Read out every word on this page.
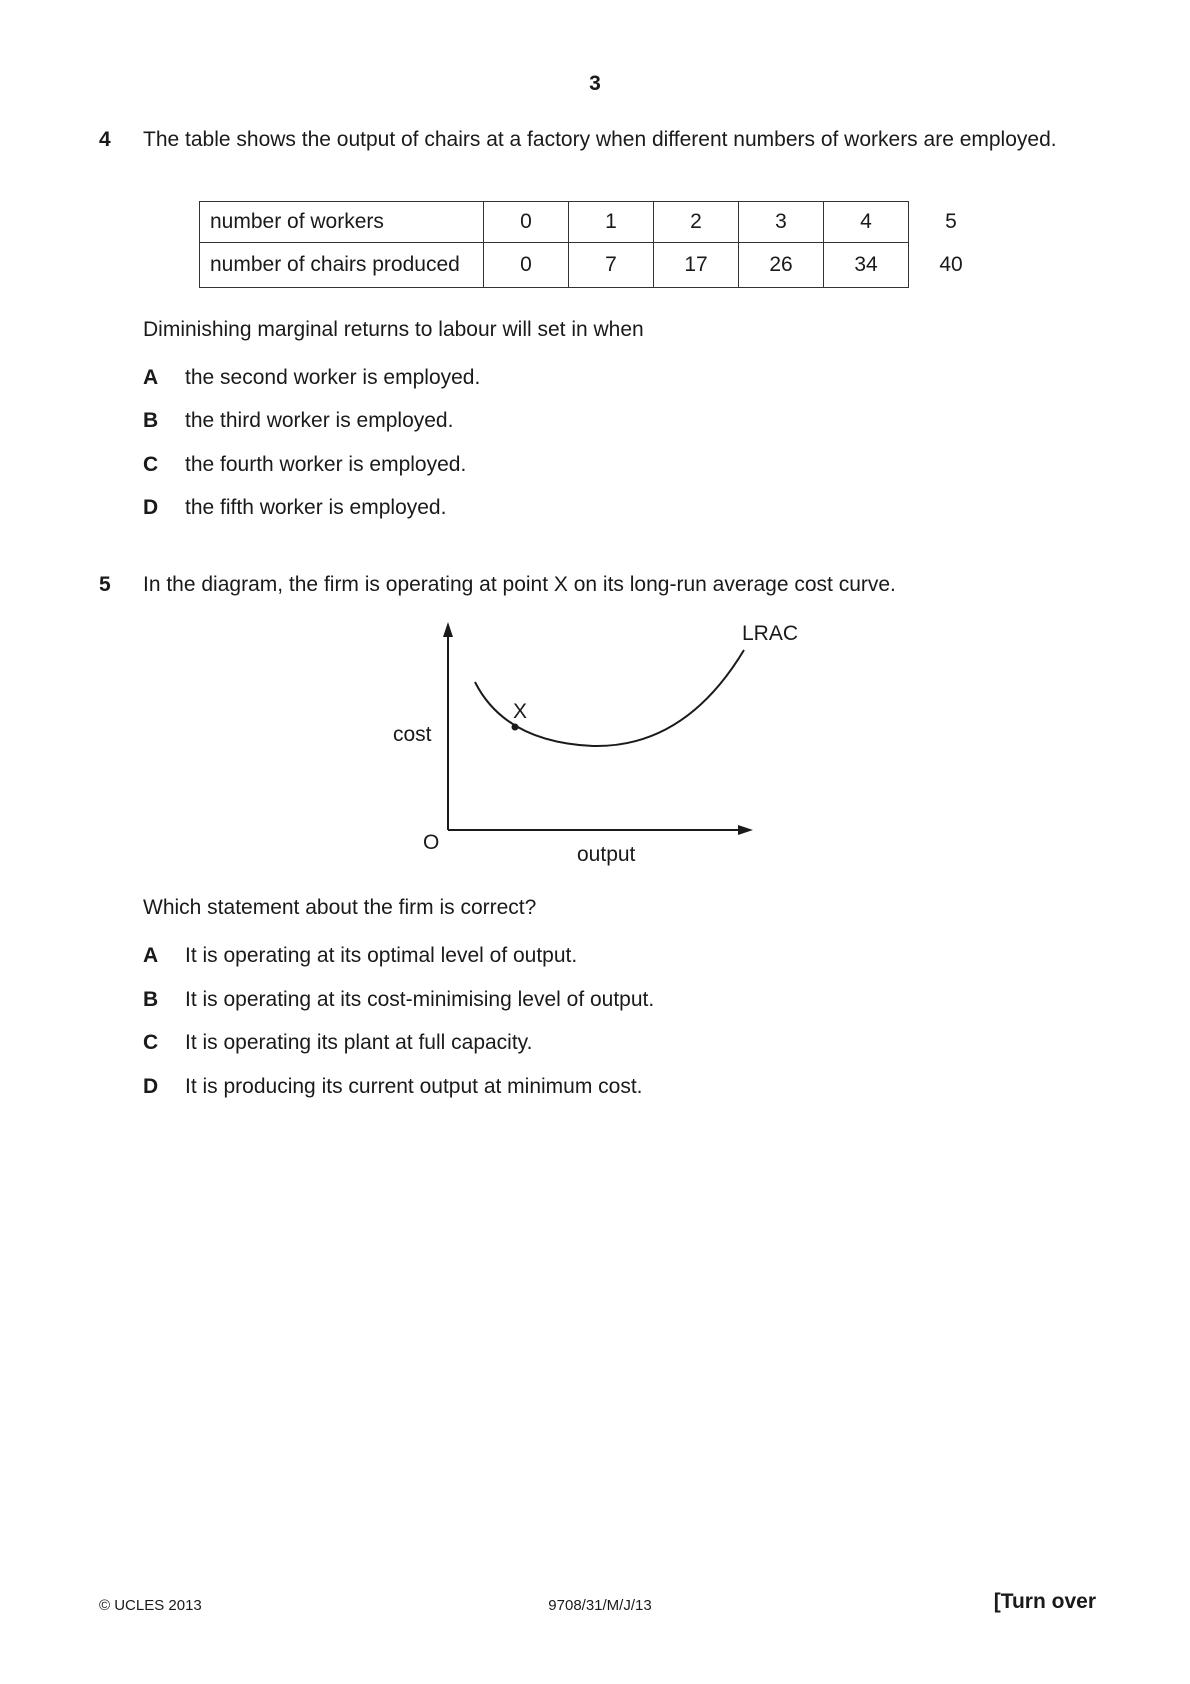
3
4 The table shows the output of chairs at a factory when different numbers of workers are employed.
number of workers	0	1	2	3	4	5
number of chairs produced	0	7	17	26	34	40
Diminishing marginal returns to labour will set in when
A the second worker is employed.
B the third worker is employed.
C the fourth worker is employed.
D the fifth worker is employed.
5 In the diagram, the firm is operating at point X on its long-run average cost curve.
X
LRAC
cost
O
output
Which statement about the firm is correct?
A It is operating at its optimal level of output.
B It is operating at its cost-minimising level of output.
C It is operating its plant at full capacity.
D It is producing its current output at minimum cost.
© UCLES 2013	9708/31/M/J/13	[Turn over
